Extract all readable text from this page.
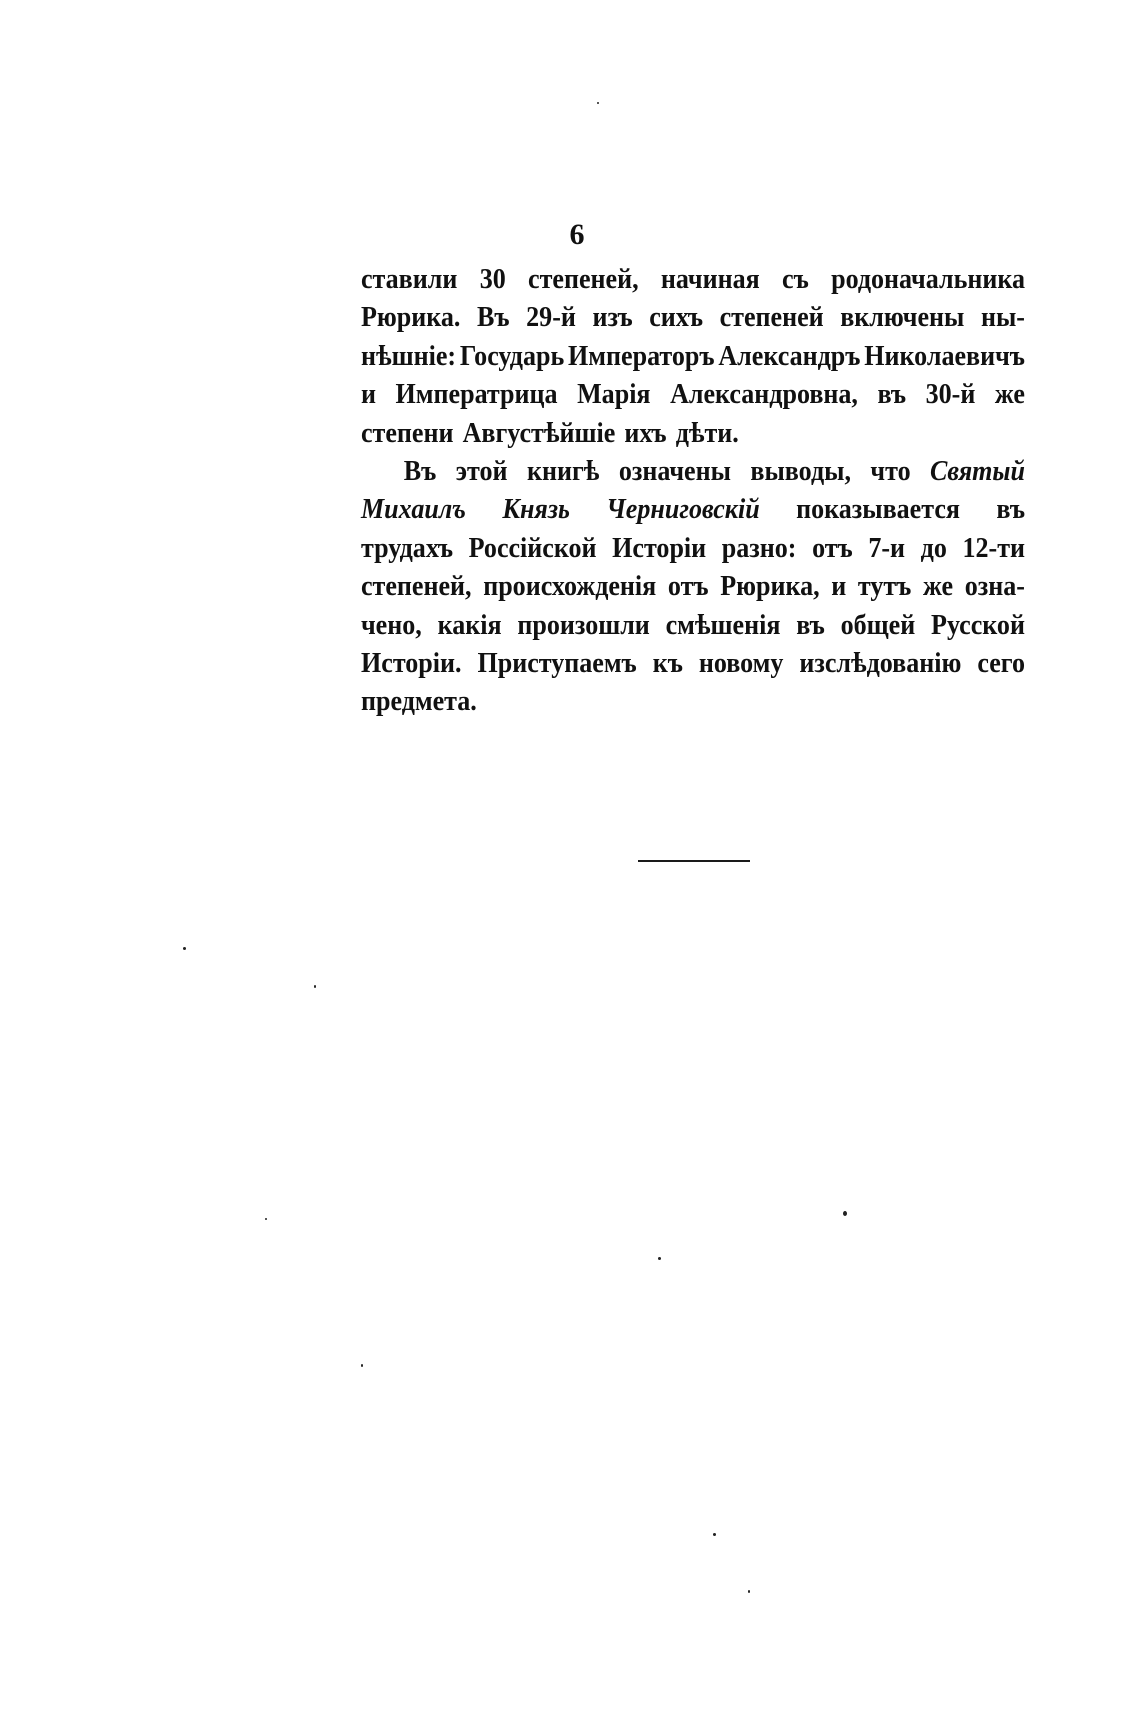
6
ставили 30 степеней, начиная съ родоначальника
Рюрика. Въ 29-й изъ сихъ степеней включены ны-
нѣшніе: Государь Императоръ Александръ Николаевичъ
и Императрица Марія Александровна, въ 30-й же
степени Августѣйшіе ихъ дѣти.
Въ этой книгѣ означены выводы, что Святый
Михаилъ Князь Черниговскій показывается въ
трудахъ Россійской Исторіи разно: отъ 7-и до 12-ти
степеней, происхожденія отъ Рюрика, и тутъ же озна-
чено, какія произошли смѣшенія въ общей Русской
Исторіи. Приступаемъ къ новому изслѣдованію сего
предмета.
